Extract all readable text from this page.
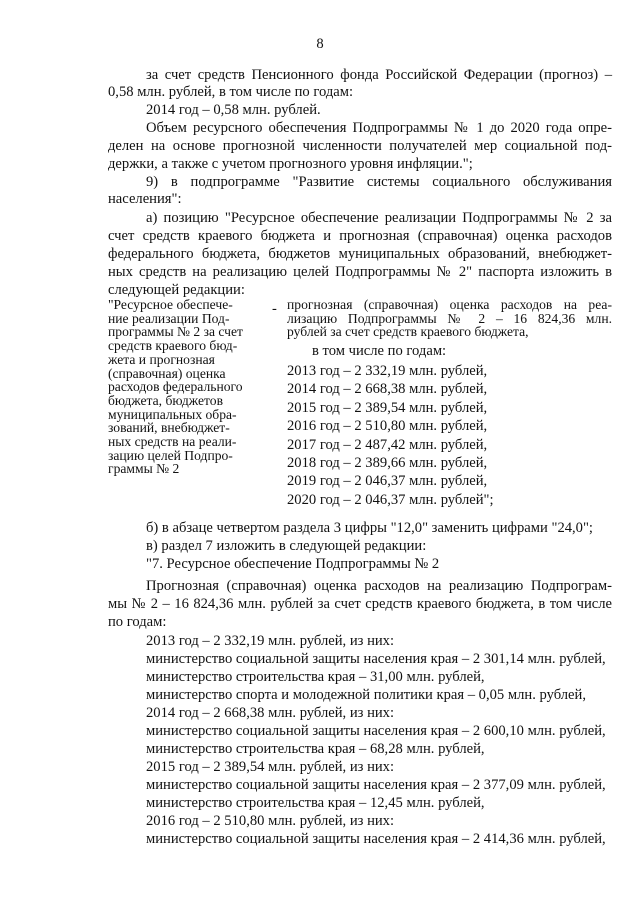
8
за счет средств Пенсионного фонда Российской Федерации (прогноз) –
0,58 млн. рублей, в том числе по годам:
2014 год – 0,58 млн. рублей.
Объем ресурсного обеспечения Подпрограммы № 1 до 2020 года опре-
делен на основе прогнозной численности получателей мер социальной под-
держки, а также с учетом прогнозного уровня инфляции.";
9) в подпрограмме "Развитие системы социального обслуживания
населения":
а) позицию "Ресурсное обеспечение реализации Подпрограммы № 2 за
счет средств краевого бюджета и прогнозная (справочная) оценка расходов
федерального бюджета, бюджетов муниципальных образований, внебюджет-
ных средств на реализацию целей Подпрограммы № 2" паспорта изложить в
следующей редакции:
"Ресурсное обеспече-
ние реализации Под-
программы № 2 за счет
средств краевого бюд-
жета и прогнозная
(справочная) оценка
расходов федерального
бюджета, бюджетов
муниципальных обра-
зований, внебюджет-
ных средств на реали-
зацию целей Подпро-
граммы № 2
- прогнозная (справочная) оценка расходов на реа-
лизацию Подпрограммы № 2 – 16 824,36 млн.
рублей за счет средств краевого бюджета,
в том числе по годам:
2013 год – 2 332,19 млн. рублей,
2014 год – 2 668,38 млн. рублей,
2015 год – 2 389,54 млн. рублей,
2016 год – 2 510,80 млн. рублей,
2017 год – 2 487,42 млн. рублей,
2018 год – 2 389,66 млн. рублей,
2019 год – 2 046,37 млн. рублей,
2020 год – 2 046,37 млн. рублей";
б) в абзаце четвертом раздела 3 цифры "12,0" заменить цифрами "24,0";
в) раздел 7 изложить в следующей редакции:
"7. Ресурсное обеспечение Подпрограммы № 2
Прогнозная (справочная) оценка расходов на реализацию Подпрограм-
мы № 2 – 16 824,36 млн. рублей за счет средств краевого бюджета, в том числе
по годам:
2013 год – 2 332,19 млн. рублей, из них:
министерство социальной защиты населения края – 2 301,14 млн. рублей,
министерство строительства края – 31,00 млн. рублей,
министерство спорта и молодежной политики края – 0,05 млн. рублей,
2014 год – 2 668,38 млн. рублей, из них:
министерство социальной защиты населения края – 2 600,10 млн. рублей,
министерство строительства края – 68,28 млн. рублей,
2015 год – 2 389,54 млн. рублей, из них:
министерство социальной защиты населения края – 2 377,09 млн. рублей,
министерство строительства края – 12,45 млн. рублей,
2016 год – 2 510,80 млн. рублей, из них:
министерство социальной защиты населения края – 2 414,36 млн. рублей,
